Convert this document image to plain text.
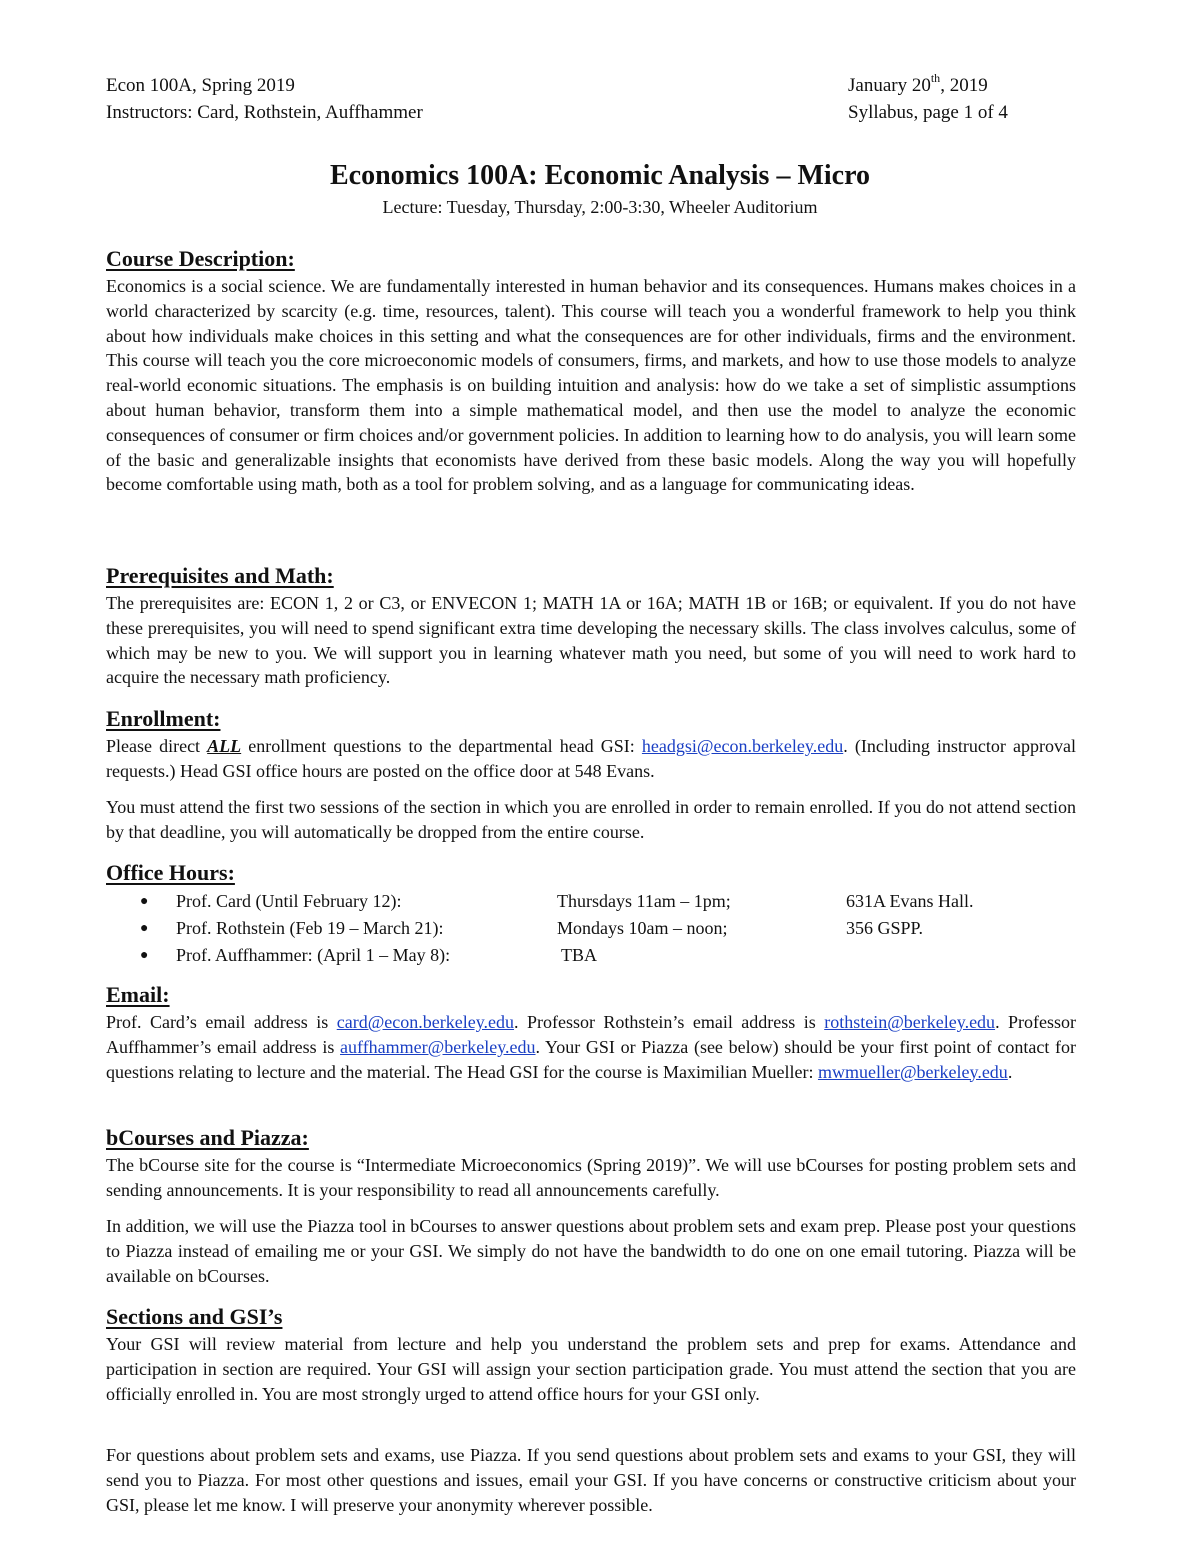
Econ 100A, Spring 2019
Instructors: Card, Rothstein, Auffhammer
January 20th, 2019
Syllabus, page 1 of 4
Economics 100A: Economic Analysis – Micro
Lecture: Tuesday, Thursday, 2:00-3:30, Wheeler Auditorium
Course Description:

Economics is a social science. We are fundamentally interested in human behavior and its consequences. Humans makes choices in a world characterized by scarcity (e.g. time, resources, talent). This course will teach you a wonderful framework to help you think about how individuals make choices in this setting and what the consequences are for other individuals, firms and the environment. This course will teach you the core microeconomic models of consumers, firms, and markets, and how to use those models to analyze real-world economic situations. The emphasis is on building intuition and analysis: how do we take a set of simplistic assumptions about human behavior, transform them into a simple mathematical model, and then use the model to analyze the economic consequences of consumer or firm choices and/or government policies. In addition to learning how to do analysis, you will learn some of the basic and generalizable insights that economists have derived from these basic models. Along the way you will hopefully become comfortable using math, both as a tool for problem solving, and as a language for communicating ideas.

Prerequisites and Math:

The prerequisites are: ECON 1, 2 or C3, or ENVECON 1; MATH 1A or 16A; MATH 1B or 16B; or equivalent. If you do not have these prerequisites, you will need to spend significant extra time developing the necessary skills. The class involves calculus, some of which may be new to you. We will support you in learning whatever math you need, but some of you will need to work hard to acquire the necessary math proficiency.

Enrollment:

Please direct ALL enrollment questions to the departmental head GSI: headgsi@econ.berkeley.edu. (Including instructor approval requests.) Head GSI office hours are posted on the office door at 548 Evans.

You must attend the first two sessions of the section in which you are enrolled in order to remain enrolled. If you do not attend section by that deadline, you will automatically be dropped from the entire course.

Office Hours:
●	Prof. Card (Until February 12):	Thursdays 11am – 1pm;	631A Evans Hall.
●	Prof. Rothstein (Feb 19 – March 21):	Mondays 10am – noon;	356 GSPP.
●	Prof. Auffhammer: (April 1 – May 8):	TBA
Email:

Prof. Card’s email address is card@econ.berkeley.edu. Professor Rothstein’s email address is rothstein@berkeley.edu. Professor Auffhammer’s email address is auffhammer@berkeley.edu. Your GSI or Piazza (see below) should be your first point of contact for questions relating to lecture and the material. The Head GSI for the course is Maximilian Mueller: mwmueller@berkeley.edu.

bCourses and Piazza:

The bCourse site for the course is “Intermediate Microeconomics (Spring 2019)”. We will use bCourses for posting problem sets and sending announcements. It is your responsibility to read all announcements carefully.

In addition, we will use the Piazza tool in bCourses to answer questions about problem sets and exam prep. Please post your questions to Piazza instead of emailing me or your GSI. We simply do not have the bandwidth to do one on one email tutoring. Piazza will be available on bCourses.

Sections and GSI’s

Your GSI will review material from lecture and help you understand the problem sets and prep for exams. Attendance and participation in section are required. Your GSI will assign your section participation grade. You must attend the section that you are officially enrolled in. You are most strongly urged to attend office hours for your GSI only.

For questions about problem sets and exams, use Piazza. If you send questions about problem sets and exams to your GSI, they will send you to Piazza. For most other questions and issues, email your GSI. If you have concerns or constructive criticism about your GSI, please let me know. I will preserve your anonymity wherever possible.
